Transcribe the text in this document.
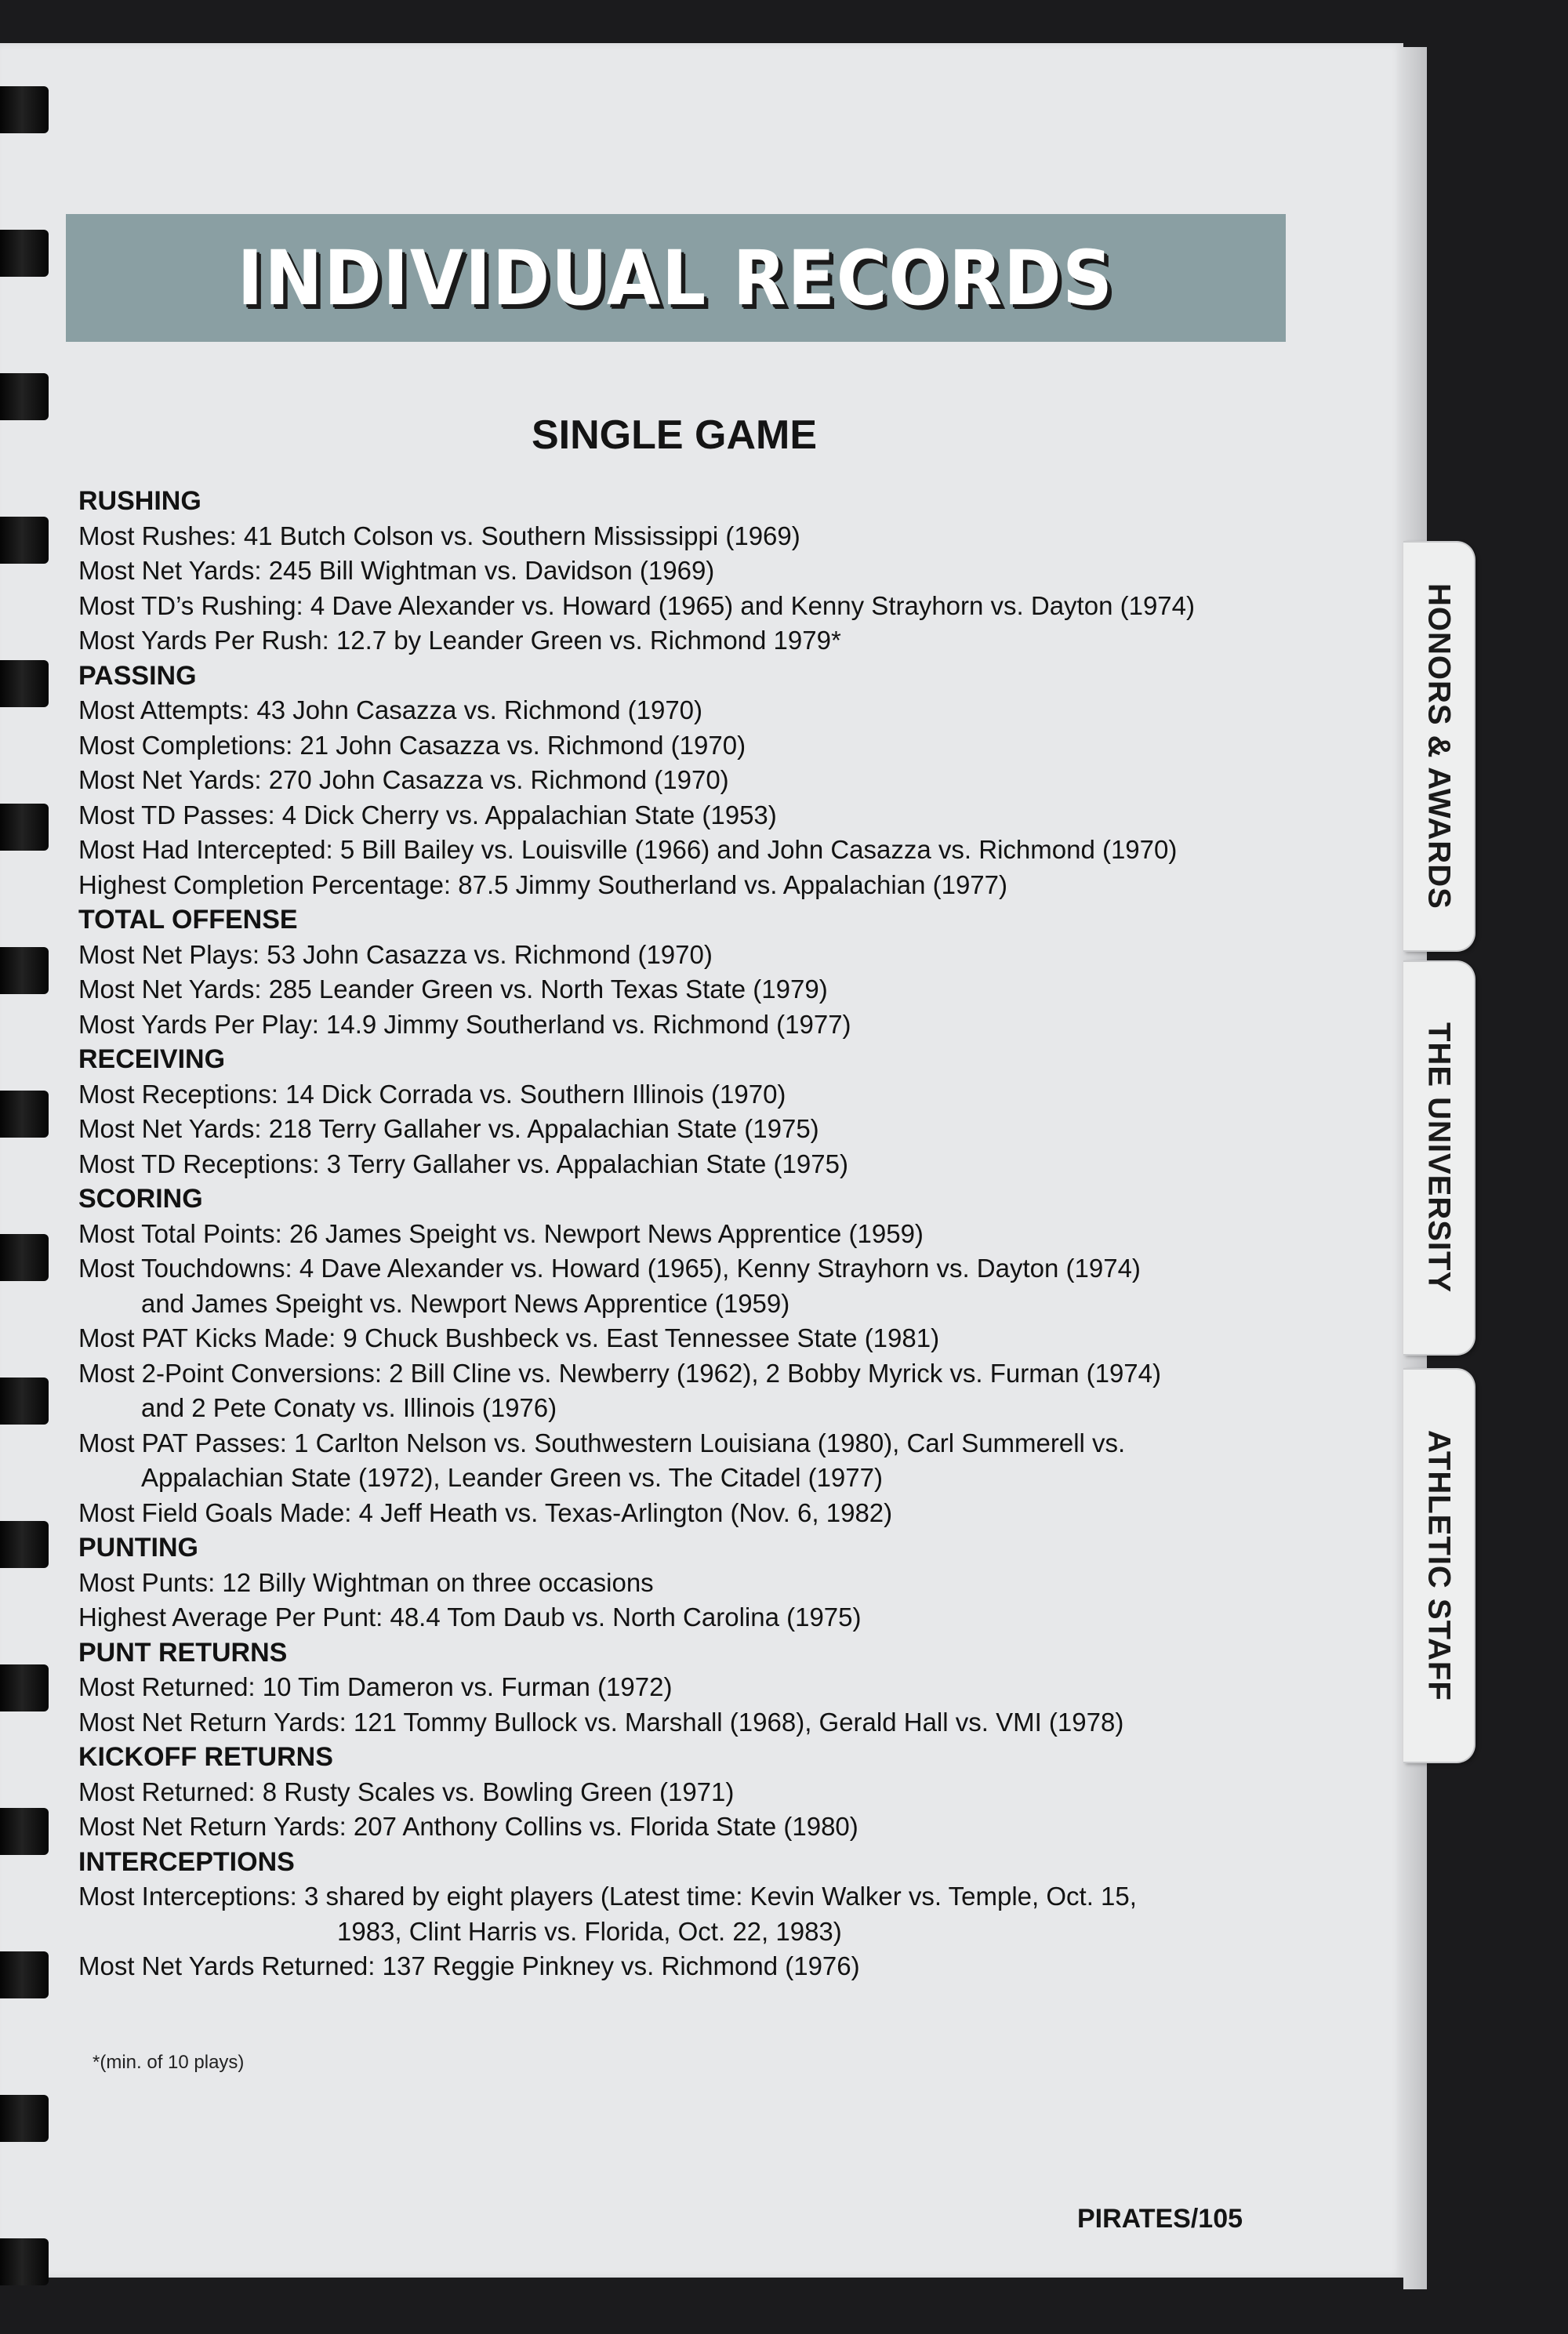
INDIVIDUAL RECORDS
SINGLE GAME
RUSHING
Most Rushes: 41 Butch Colson vs. Southern Mississippi (1969)
Most Net Yards: 245 Bill Wightman vs. Davidson (1969)
Most TD’s Rushing: 4 Dave Alexander vs. Howard (1965) and Kenny Strayhorn vs. Dayton (1974)
Most Yards Per Rush: 12.7 by Leander Green vs. Richmond 1979*
PASSING
Most Attempts: 43 John Casazza vs. Richmond (1970)
Most Completions: 21 John Casazza vs. Richmond (1970)
Most Net Yards: 270 John Casazza vs. Richmond (1970)
Most TD Passes: 4 Dick Cherry vs. Appalachian State (1953)
Most Had Intercepted: 5 Bill Bailey vs. Louisville (1966) and John Casazza vs. Richmond (1970)
Highest Completion Percentage: 87.5 Jimmy Southerland vs. Appalachian (1977)
TOTAL OFFENSE
Most Net Plays: 53 John Casazza vs. Richmond (1970)
Most Net Yards: 285 Leander Green vs. North Texas State (1979)
Most Yards Per Play: 14.9 Jimmy Southerland vs. Richmond (1977)
RECEIVING
Most Receptions: 14 Dick Corrada vs. Southern Illinois (1970)
Most Net Yards: 218 Terry Gallaher vs. Appalachian State (1975)
Most TD Receptions: 3 Terry Gallaher vs. Appalachian State (1975)
SCORING
Most Total Points: 26 James Speight vs. Newport News Apprentice (1959)
Most Touchdowns: 4 Dave Alexander vs. Howard (1965), Kenny Strayhorn vs. Dayton (1974)
and James Speight vs. Newport News Apprentice (1959)
Most PAT Kicks Made: 9 Chuck Bushbeck vs. East Tennessee State (1981)
Most 2-Point Conversions: 2 Bill Cline vs. Newberry (1962), 2 Bobby Myrick vs. Furman (1974)
and 2 Pete Conaty vs. Illinois (1976)
Most PAT Passes: 1 Carlton Nelson vs. Southwestern Louisiana (1980), Carl Summerell vs.
Appalachian State (1972), Leander Green vs. The Citadel (1977)
Most Field Goals Made: 4 Jeff Heath vs. Texas-Arlington (Nov. 6, 1982)
PUNTING
Most Punts: 12 Billy Wightman on three occasions
Highest Average Per Punt: 48.4 Tom Daub vs. North Carolina (1975)
PUNT RETURNS
Most Returned: 10 Tim Dameron vs. Furman (1972)
Most Net Return Yards: 121 Tommy Bullock vs. Marshall (1968), Gerald Hall vs. VMI (1978)
KICKOFF RETURNS
Most Returned: 8 Rusty Scales vs. Bowling Green (1971)
Most Net Return Yards: 207 Anthony Collins vs. Florida State (1980)
INTERCEPTIONS
Most Interceptions: 3 shared by eight players (Latest time: Kevin Walker vs. Temple, Oct. 15,
1983, Clint Harris vs. Florida, Oct. 22, 1983)
Most Net Yards Returned: 137 Reggie Pinkney vs. Richmond (1976)
*(min. of 10 plays)
PIRATES/105
HONORS & AWARDS
THE UNIVERSITY
ATHLETIC STAFF
